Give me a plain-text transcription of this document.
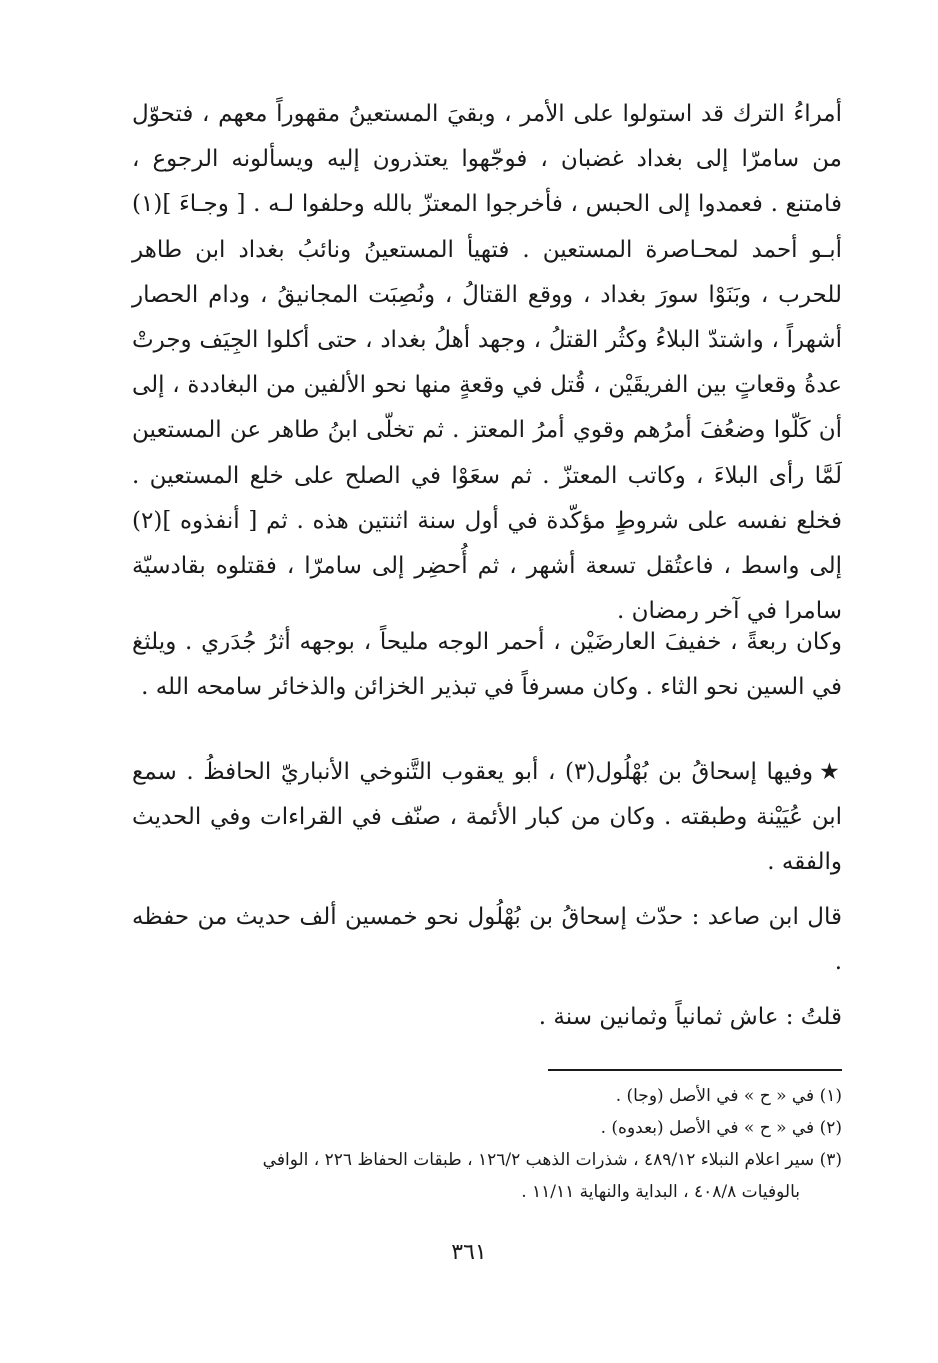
أمراءُ الترك قد استولوا على الأمر ، وبقيَ المستعينُ مقهوراً معهم ، فتحوّل من سامرّا إلى بغداد غضبان ، فوجّهوا يعتذرون إليه ويسألونه الرجوع ، فامتنع . فعمدوا إلى الحبس ، فأخرجوا المعتزّ بالله وحلفوا لـه . [ وجـاءَ ](١) أبـو أحمد لمحـاصرة المستعين . فتهيأ المستعينُ ونائبُ بغداد ابن طاهر للحرب ، وبَنَوْا سورَ بغداد ، ووقع القتالُ ، ونُصِبَت المجانيقُ ، ودام الحصار أشهراً ، واشتدّ البلاءُ وكثُر القتلُ ، وجهد أهلُ بغداد ، حتى أكلوا الجِيَف وجرتْ عدةُ وقعاتٍ بين الفريقَيْن ، قُتل في وقعةٍ منها نحو الألفين من البغاددة ، إلى أن كَلّوا وضعُفَ أمرُهم وقوي أمرُ المعتز . ثم تخلّى ابنُ طاهر عن المستعين لَمَّا رأى البلاءَ ، وكاتب المعتزّ . ثم سعَوْا في الصلح على خلع المستعين . فخلع نفسه على شروطٍ مؤكّدة في أول سنة اثنتين هذه . ثم [ أنفذوه ](٢) إلى واسط ، فاعتُقل تسعة أشهر ، ثم أُحضِر إلى سامرّا ، فقتلوه بقادسيّة سامرا في آخر رمضان .

وكان ربعةً ، خفيفَ العارضَيْن ، أحمر الوجه مليحاً ، بوجهه أثرُ جُدَري . ويلثغ في السين نحو الثاء . وكان مسرفاً في تبذير الخزائن والذخائر سامحه الله .

★وفيها إسحاقُ بن بُهْلُول(٣) ، أبو يعقوب التَّنوخي الأنباريّ الحافظُ . سمع ابن عُيَيْنة وطبقته . وكان من كبار الأئمة ، صنّف في القراءات وفي الحديث والفقه .

قال ابن صاعد : حدّث إسحاقُ بن بُهْلُول نحو خمسين ألف حديث من حفظه .

قلتُ : عاش ثمانياً وثمانين سنة .

(١) في « ح » في الأصل (وجا) .
(٢) في « ح » في الأصل (بعدوه) .
(٣) سير اعلام النبلاء ٤٨٩/١٢ ، شذرات الذهب ١٢٦/٢ ، طبقات الحفاظ ٢٢٦ ، الوافي
بالوفيات ٤٠٨/٨ ، البداية والنهاية ١١/١١ .
٣٦١
